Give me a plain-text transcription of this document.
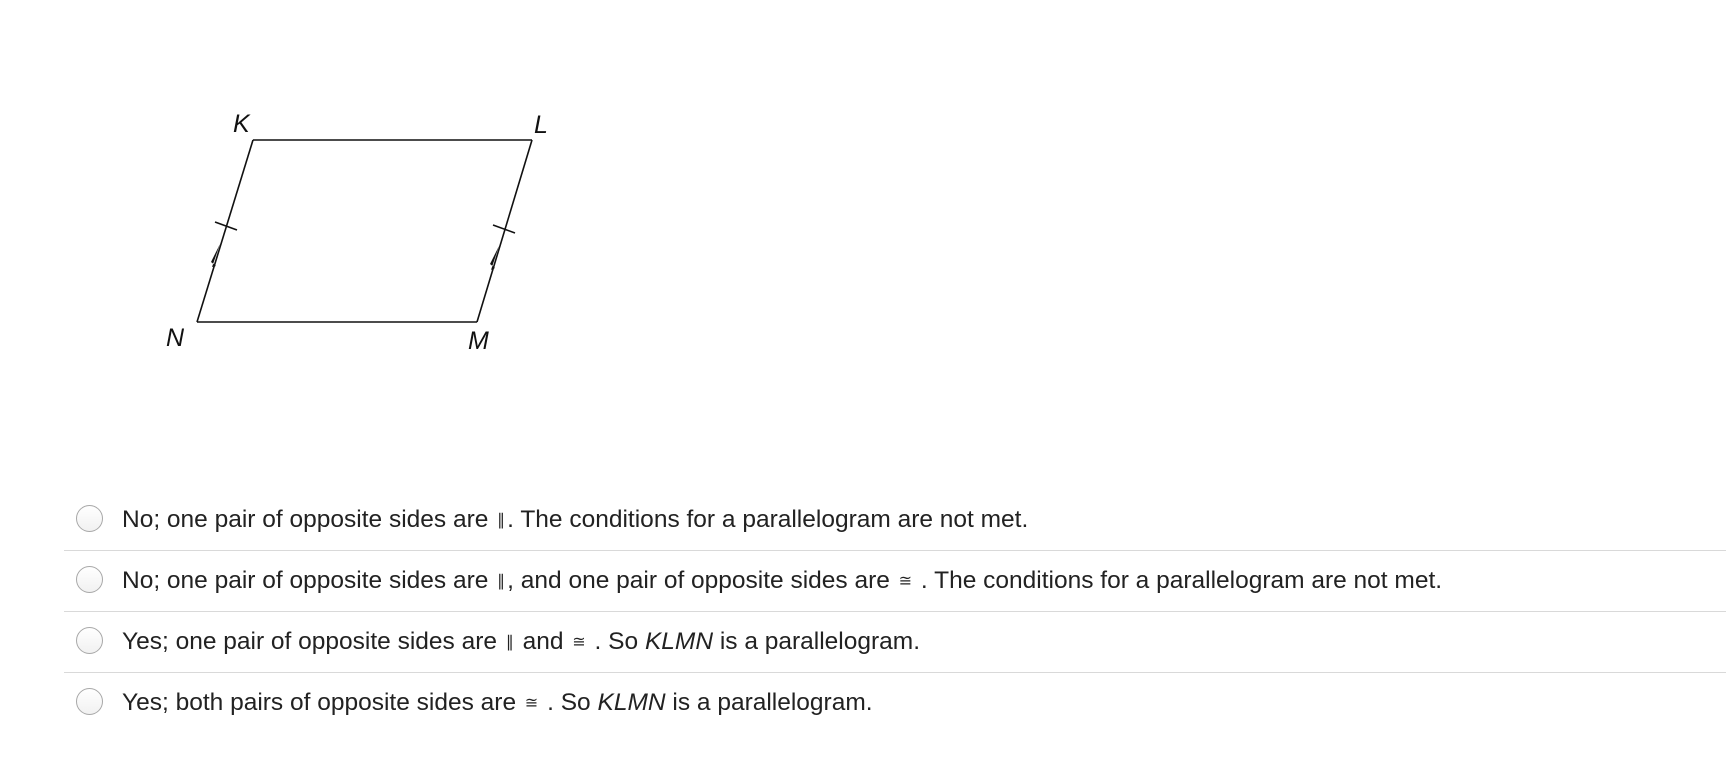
K	L
N	M
No; one pair of opposite sides are ∥. The conditions for a parallelogram are not met.
No; one pair of opposite sides are ∥, and one pair of opposite sides are ≅ . The conditions for a parallelogram are not met.
Yes; one pair of opposite sides are ∥ and ≅ . So KLMN is a parallelogram.
Yes; both pairs of opposite sides are ≅ . So KLMN is a parallelogram.
